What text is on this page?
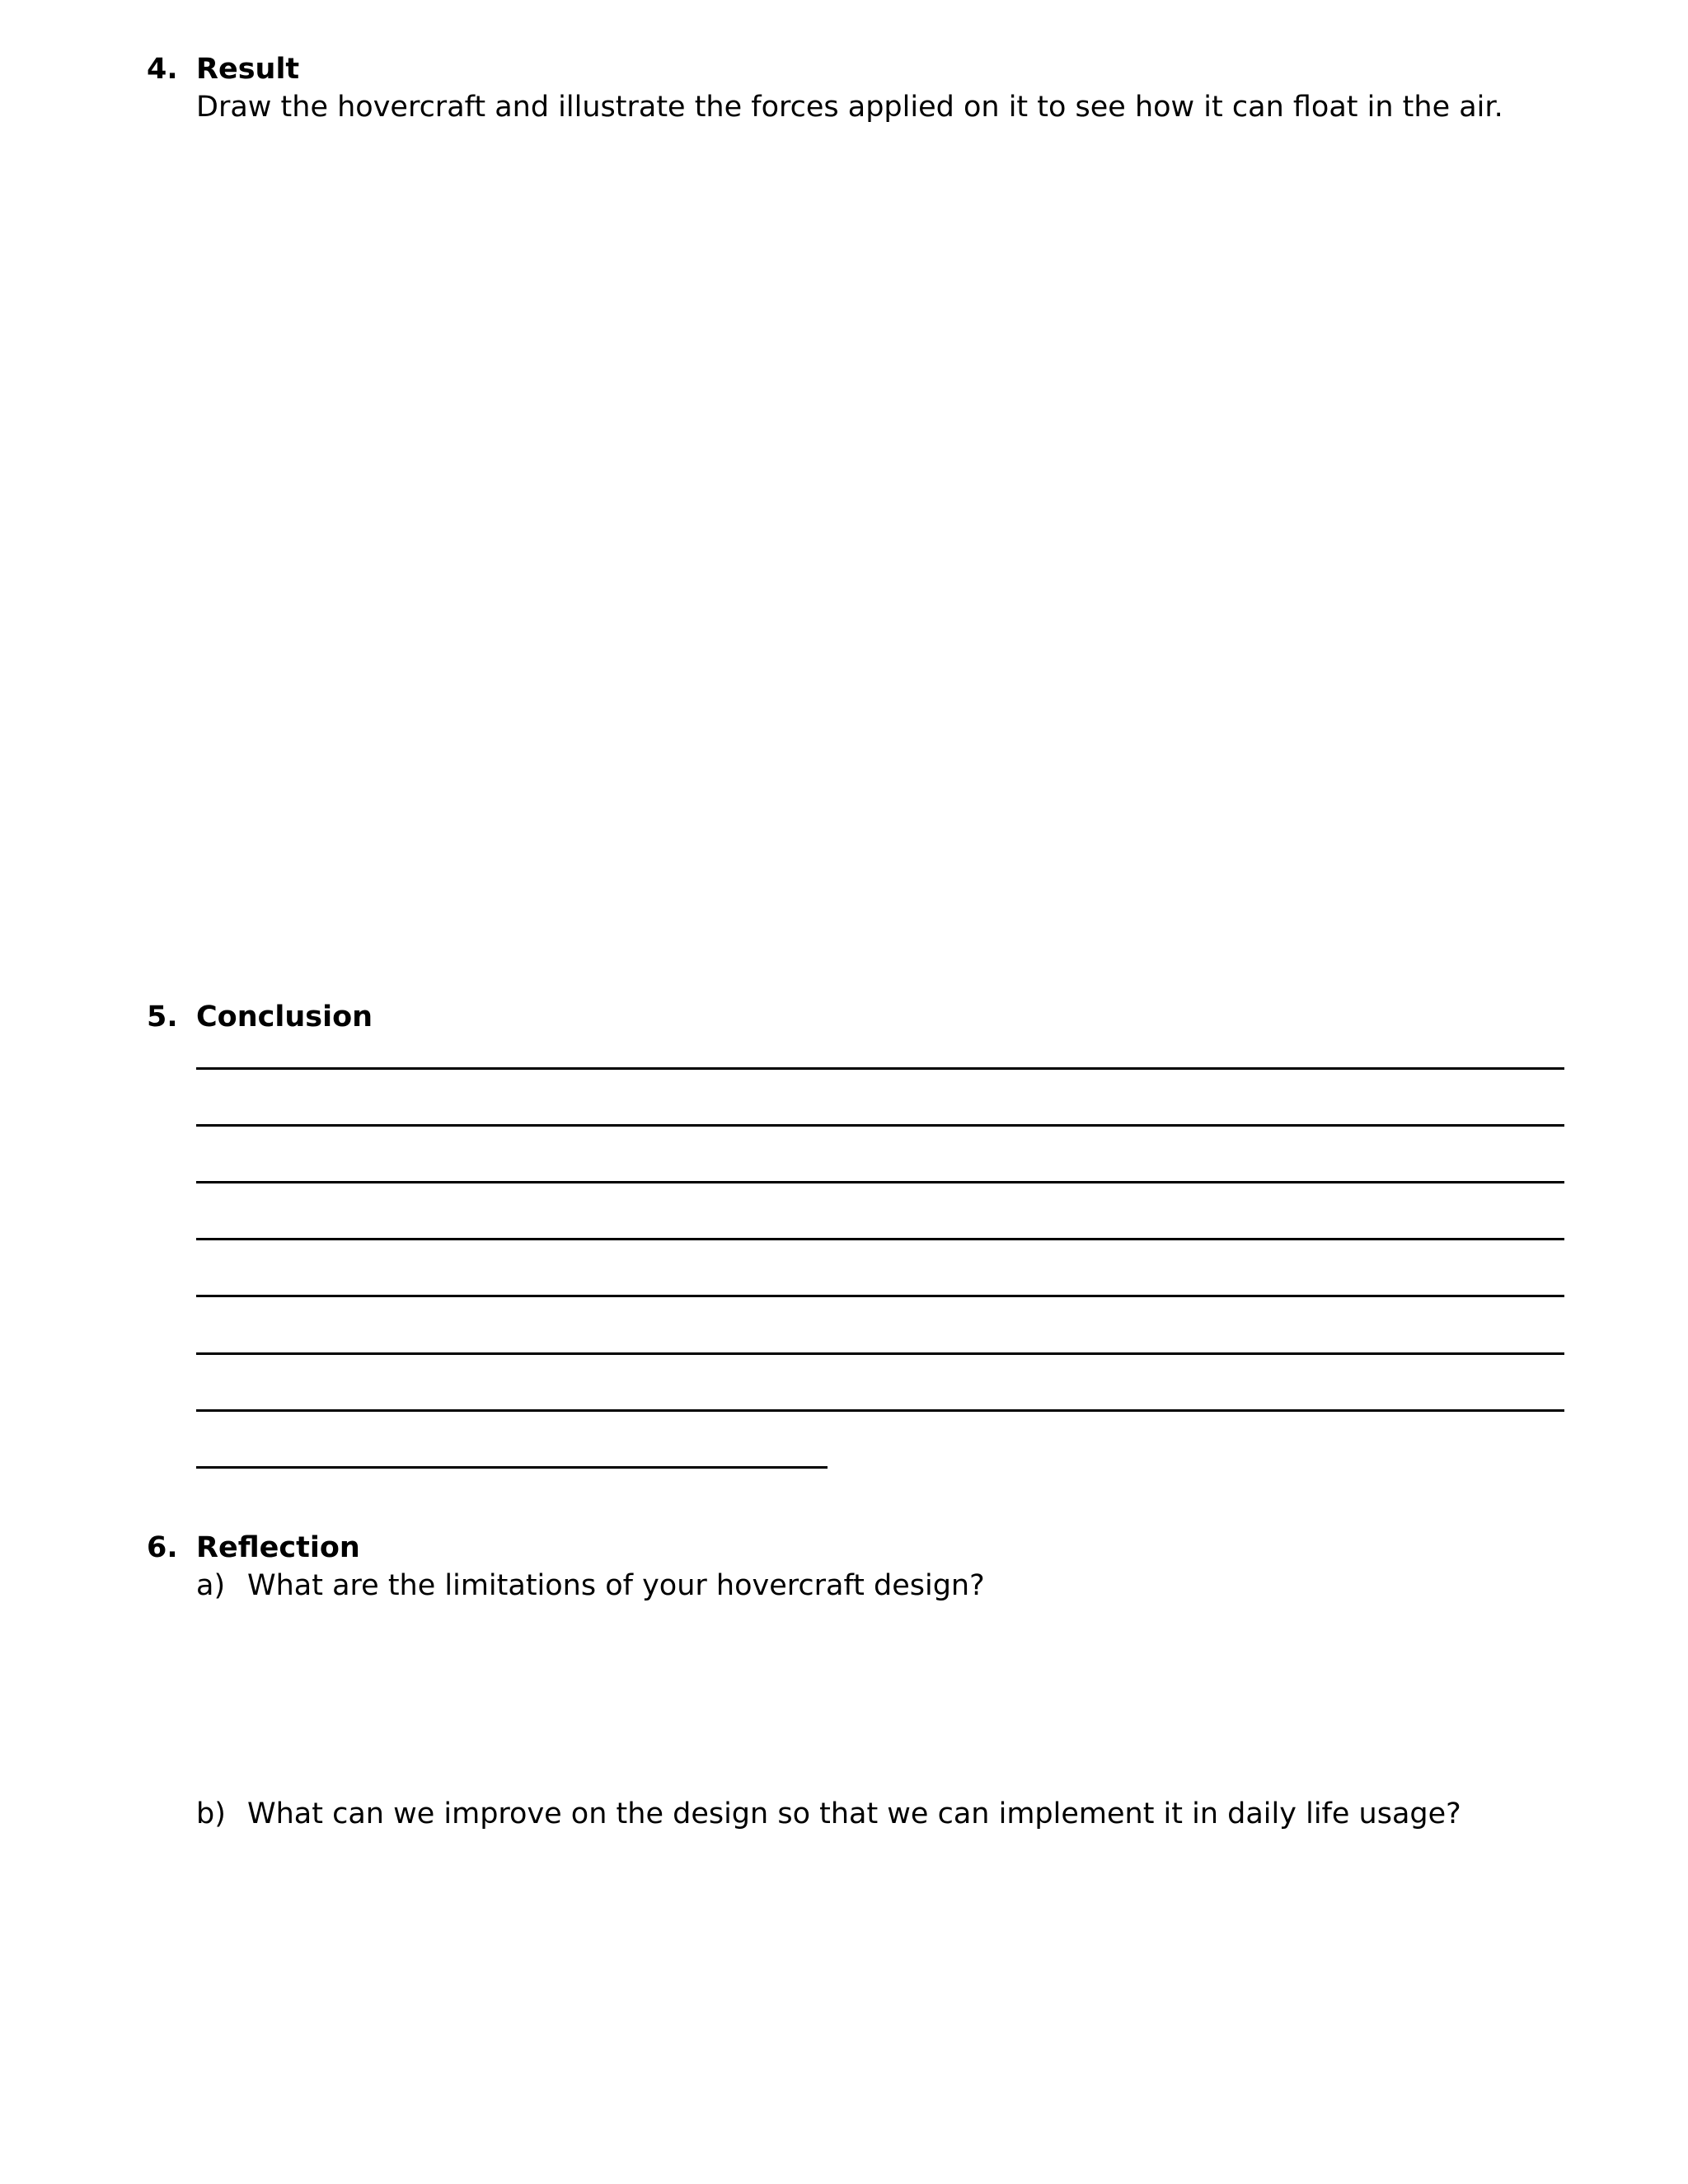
4. Result
Draw the hovercraft and illustrate the forces applied on it to see how it can float in the air.
5. Conclusion
6. Reflection
a) What are the limitations of your hovercraft design?
b) What can we improve on the design so that we can implement it in daily life usage?
